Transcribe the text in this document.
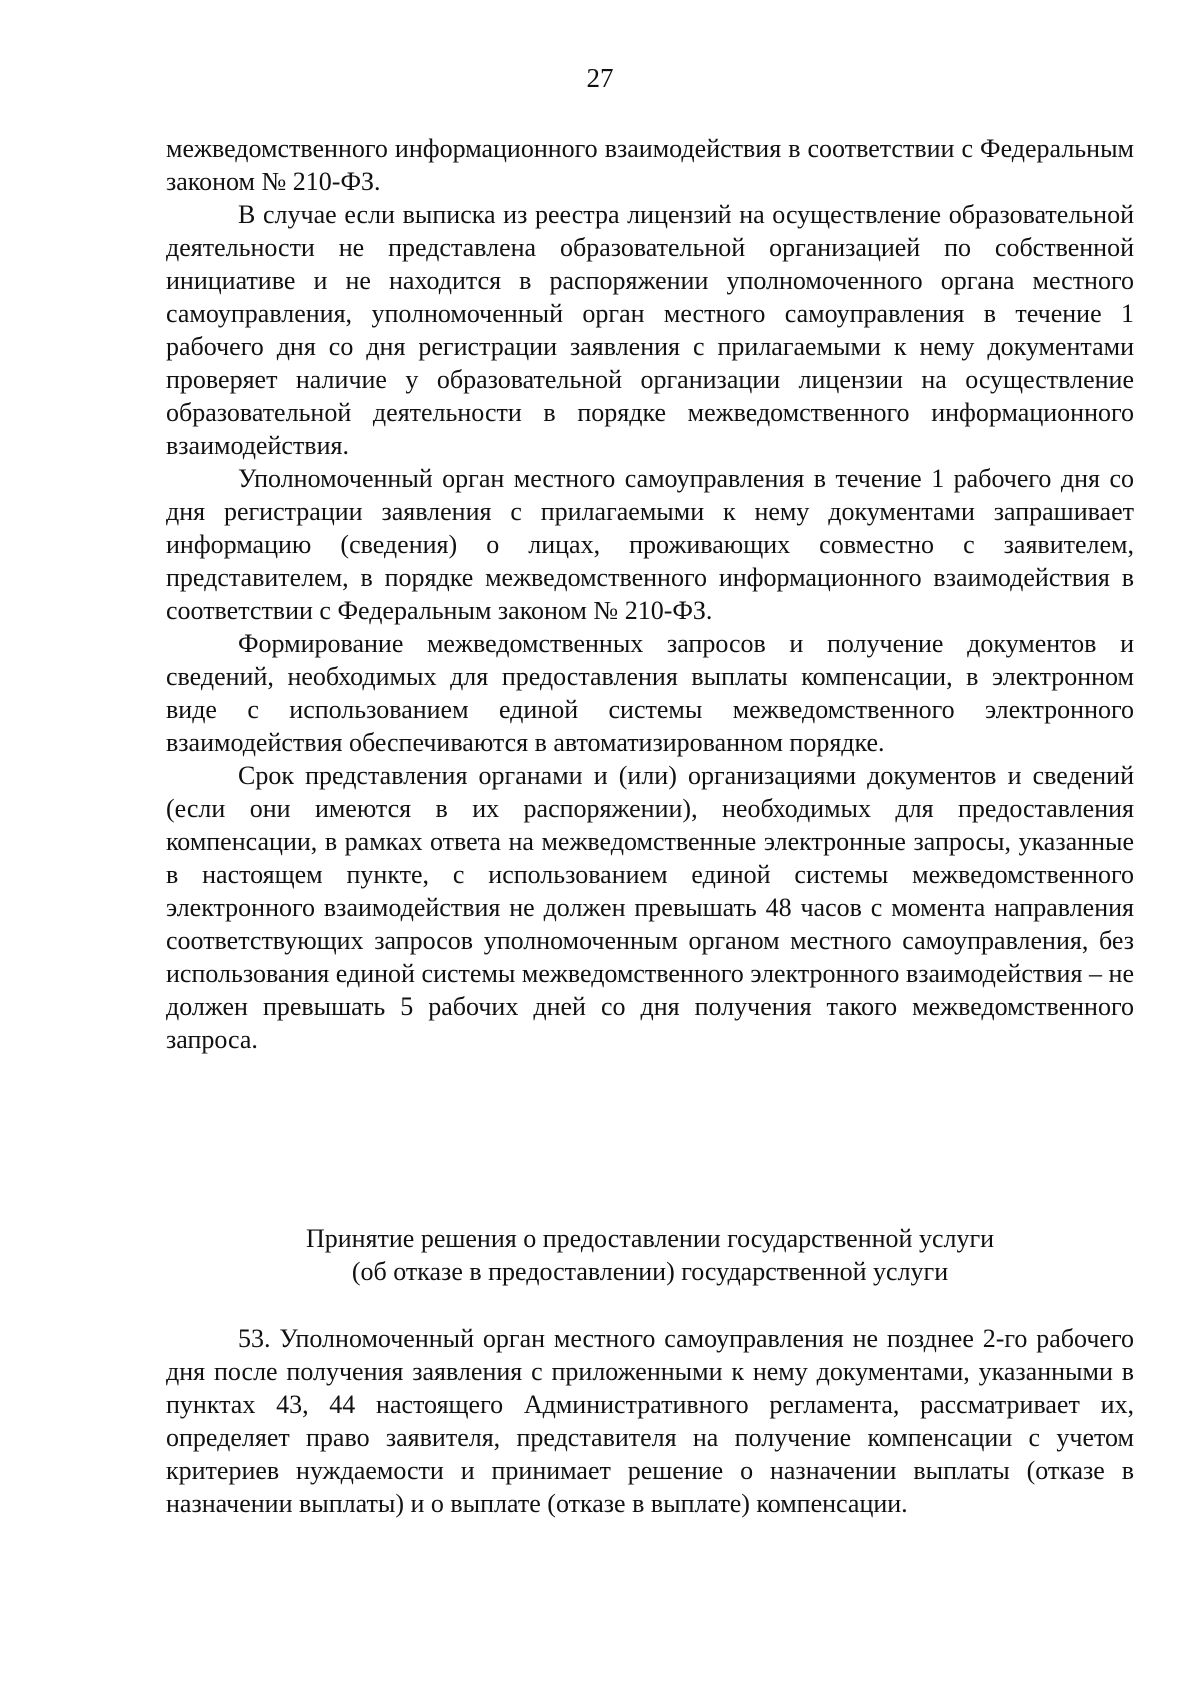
27

межведомственного информационного взаимодействия в соответствии с Федеральным законом № 210-ФЗ.

В случае если выписка из реестра лицензий на осуществление образовательной деятельности не представлена образовательной организацией по собственной инициативе и не находится в распоряжении уполномоченного органа местного самоуправления, уполномоченный орган местного самоуправления в течение 1 рабочего дня со дня регистрации заявления с прилагаемыми к нему документами проверяет наличие у образовательной организации лицензии на осуществление образовательной деятельности в порядке межведомственного информационного взаимодействия.

Уполномоченный орган местного самоуправления в течение 1 рабочего дня со дня регистрации заявления с прилагаемыми к нему документами запрашивает информацию (сведения) о лицах, проживающих совместно с заявителем, представителем, в порядке межведомственного информационного взаимодействия в соответствии с Федеральным законом № 210-ФЗ.

Формирование межведомственных запросов и получение документов и сведений, необходимых для предоставления выплаты компенсации, в электронном виде с использованием единой системы межведомственного электронного взаимодействия обеспечиваются в автоматизированном порядке.

Срок представления органами и (или) организациями документов и сведений (если они имеются в их распоряжении), необходимых для предоставления компенсации, в рамках ответа на межведомственные электронные запросы, указанные в настоящем пункте, с использованием единой системы межведомственного электронного взаимодействия не должен превышать 48 часов с момента направления соответствующих запросов уполномоченным органом местного самоуправления, без использования единой системы межведомственного электронного взаимодействия – не должен превышать 5 рабочих дней со дня получения такого межведомственного запроса.

Принятие решения о предоставлении государственной услуги
(об отказе в предоставлении) государственной услуги

53. Уполномоченный орган местного самоуправления не позднее 2-го рабочего дня после получения заявления с приложенными к нему документами, указанными в пунктах 43, 44 настоящего Административного регламента, рассматривает их, определяет право заявителя, представителя на получение компенсации с учетом критериев нуждаемости и принимает решение о назначении выплаты (отказе в назначении выплаты) и о выплате (отказе в выплате) компенсации.
